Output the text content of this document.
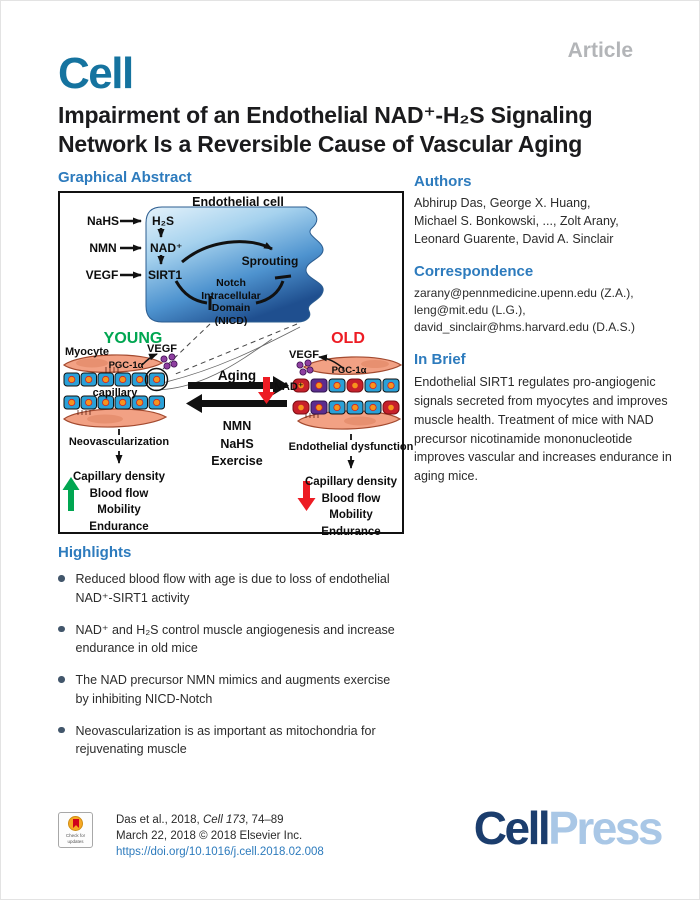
Article
Cell
Impairment of an Endothelial NAD⁺-H₂S Signaling
Network Is a Reversible Cause of Vascular Aging
Graphical Abstract
Endothelial cell
NaHS	H₂S
NMN	NAD⁺
VEGF SIRT1
Sprouting
Notch
Intracellular
Domain
(NICD)
YOUNG	OLD
Myocyte
PGC-1α
VEGF
capillary
Aging
NMN
NaHS
Exercise
VEGF
NAD⁺
PGC-1α
Neovascularization	Endothelial dysfunction
Capillary density
Blood flow
Mobility
Endurance
Capillary density
Blood flow
Mobility
Endurance
Highlights
Reduced blood flow with age is due to loss of endothelial NAD⁺-SIRT1 activity
NAD⁺ and H₂S control muscle angiogenesis and increase endurance in old mice
The NAD precursor NMN mimics and augments exercise by inhibiting NICD-Notch
Neovascularization is as important as mitochondria for rejuvenating muscle
Authors
Abhirup Das, George X. Huang,
Michael S. Bonkowski, ..., Zolt Arany,
Leonard Guarente, David A. Sinclair
Correspondence
zarany@pennmedicine.upenn.edu (Z.A.),
leng@mit.edu (L.G.),
david_sinclair@hms.harvard.edu (D.A.S.)
In Brief
Endothelial SIRT1 regulates pro-angiogenic signals secreted from myocytes and improves muscle health. Treatment of mice with NAD precursor nicotinamide mononucleotide improves vascular and increases endurance in aging mice.
Check for
updates
Das et al., 2018, Cell 173, 74–89
March 22, 2018 © 2018 Elsevier Inc.
https://doi.org/10.1016/j.cell.2018.02.008	CellPress
